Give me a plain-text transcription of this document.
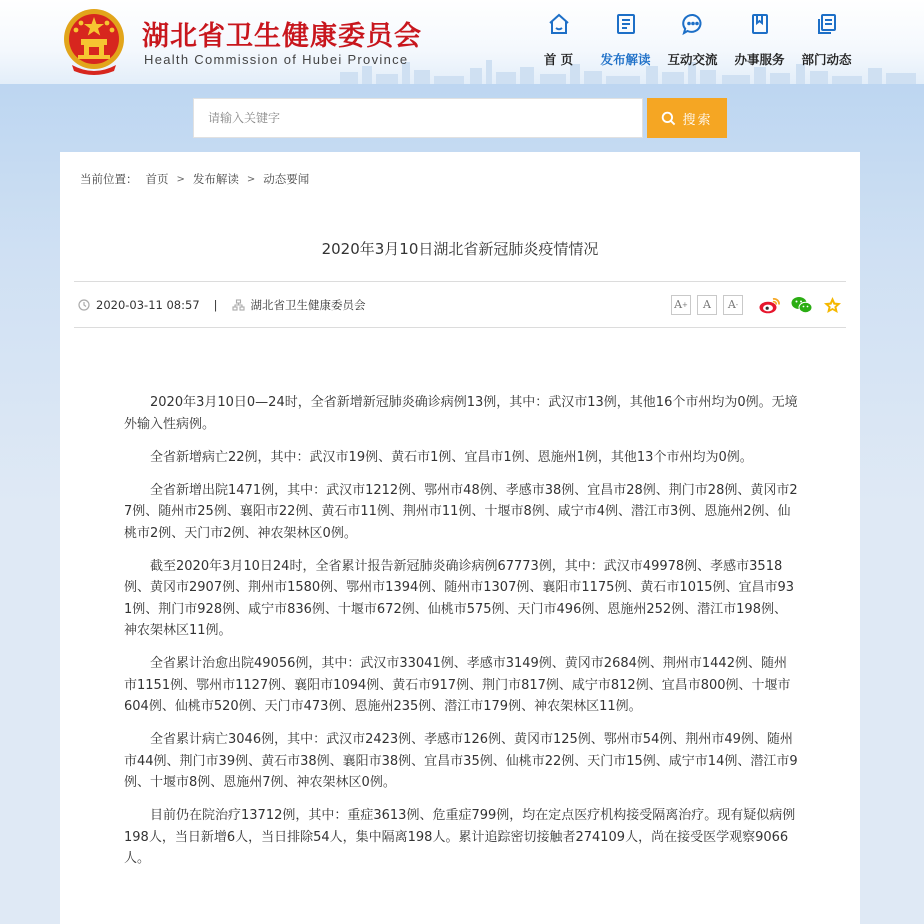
湖北省卫生健康委员会
Health Commission of Hubei Province	首 页 发布解读 互动交流 办事服务 部门动态
请输入关键字
搜索
当前位置： 首页 > 发布解读 > 动态要闻
2020年3月10日湖北省新冠肺炎疫情情况
2020-03-11 08:57 |	湖北省卫生健康委员会	A + A A -

2020年3月10日0—24时，全省新增新冠肺炎确诊病例13例，其中：武汉市13例，其他16个市州均为0例。无境外输入性病例。

全省新增病亡22例，其中：武汉市19例、黄石市1例、宜昌市1例、恩施州1例，其他13个市州均为0例。

全省新增出院1471例，其中：武汉市1212例、鄂州市48例、孝感市38例、宜昌市28例、荆门市28例、黄冈市27例、随州市25例、襄阳市22例、黄石市11例、荆州市11例、十堰市8例、咸宁市4例、潜江市3例、恩施州2例、仙桃市2例、天门市2例、神农架林区0例。

截至2020年3月10日24时，全省累计报告新冠肺炎确诊病例67773例，其中：武汉市49978例、孝感市3518例、黄冈市2907例、荆州市1580例、鄂州市1394例、随州市1307例、襄阳市1175例、黄石市1015例、宜昌市931例、荆门市928例、咸宁市836例、十堰市672例、仙桃市575例、天门市496例、恩施州252例、潜江市198例、神农架林区11例。

全省累计治愈出院49056例，其中：武汉市33041例、孝感市3149例、黄冈市2684例、荆州市1442例、随州市1151例、鄂州市1127例、襄阳市1094例、黄石市917例、荆门市817例、咸宁市812例、宜昌市800例、十堰市604例、仙桃市520例、天门市473例、恩施州235例、潜江市179例、神农架林区11例。

全省累计病亡3046例，其中：武汉市2423例、孝感市126例、黄冈市125例、鄂州市54例、荆州市49例、随州市44例、荆门市39例、黄石市38例、襄阳市38例、宜昌市35例、仙桃市22例、天门市15例、咸宁市14例、潜江市9例、十堰市8例、恩施州7例、神农架林区0例。

目前仍在院治疗13712例，其中：重症3613例、危重症799例，均在定点医疗机构接受隔离治疗。现有疑似病例198人，当日新增6人，当日排除54人，集中隔离198人。累计追踪密切接触者274109人，尚在接受医学观察9066人。
